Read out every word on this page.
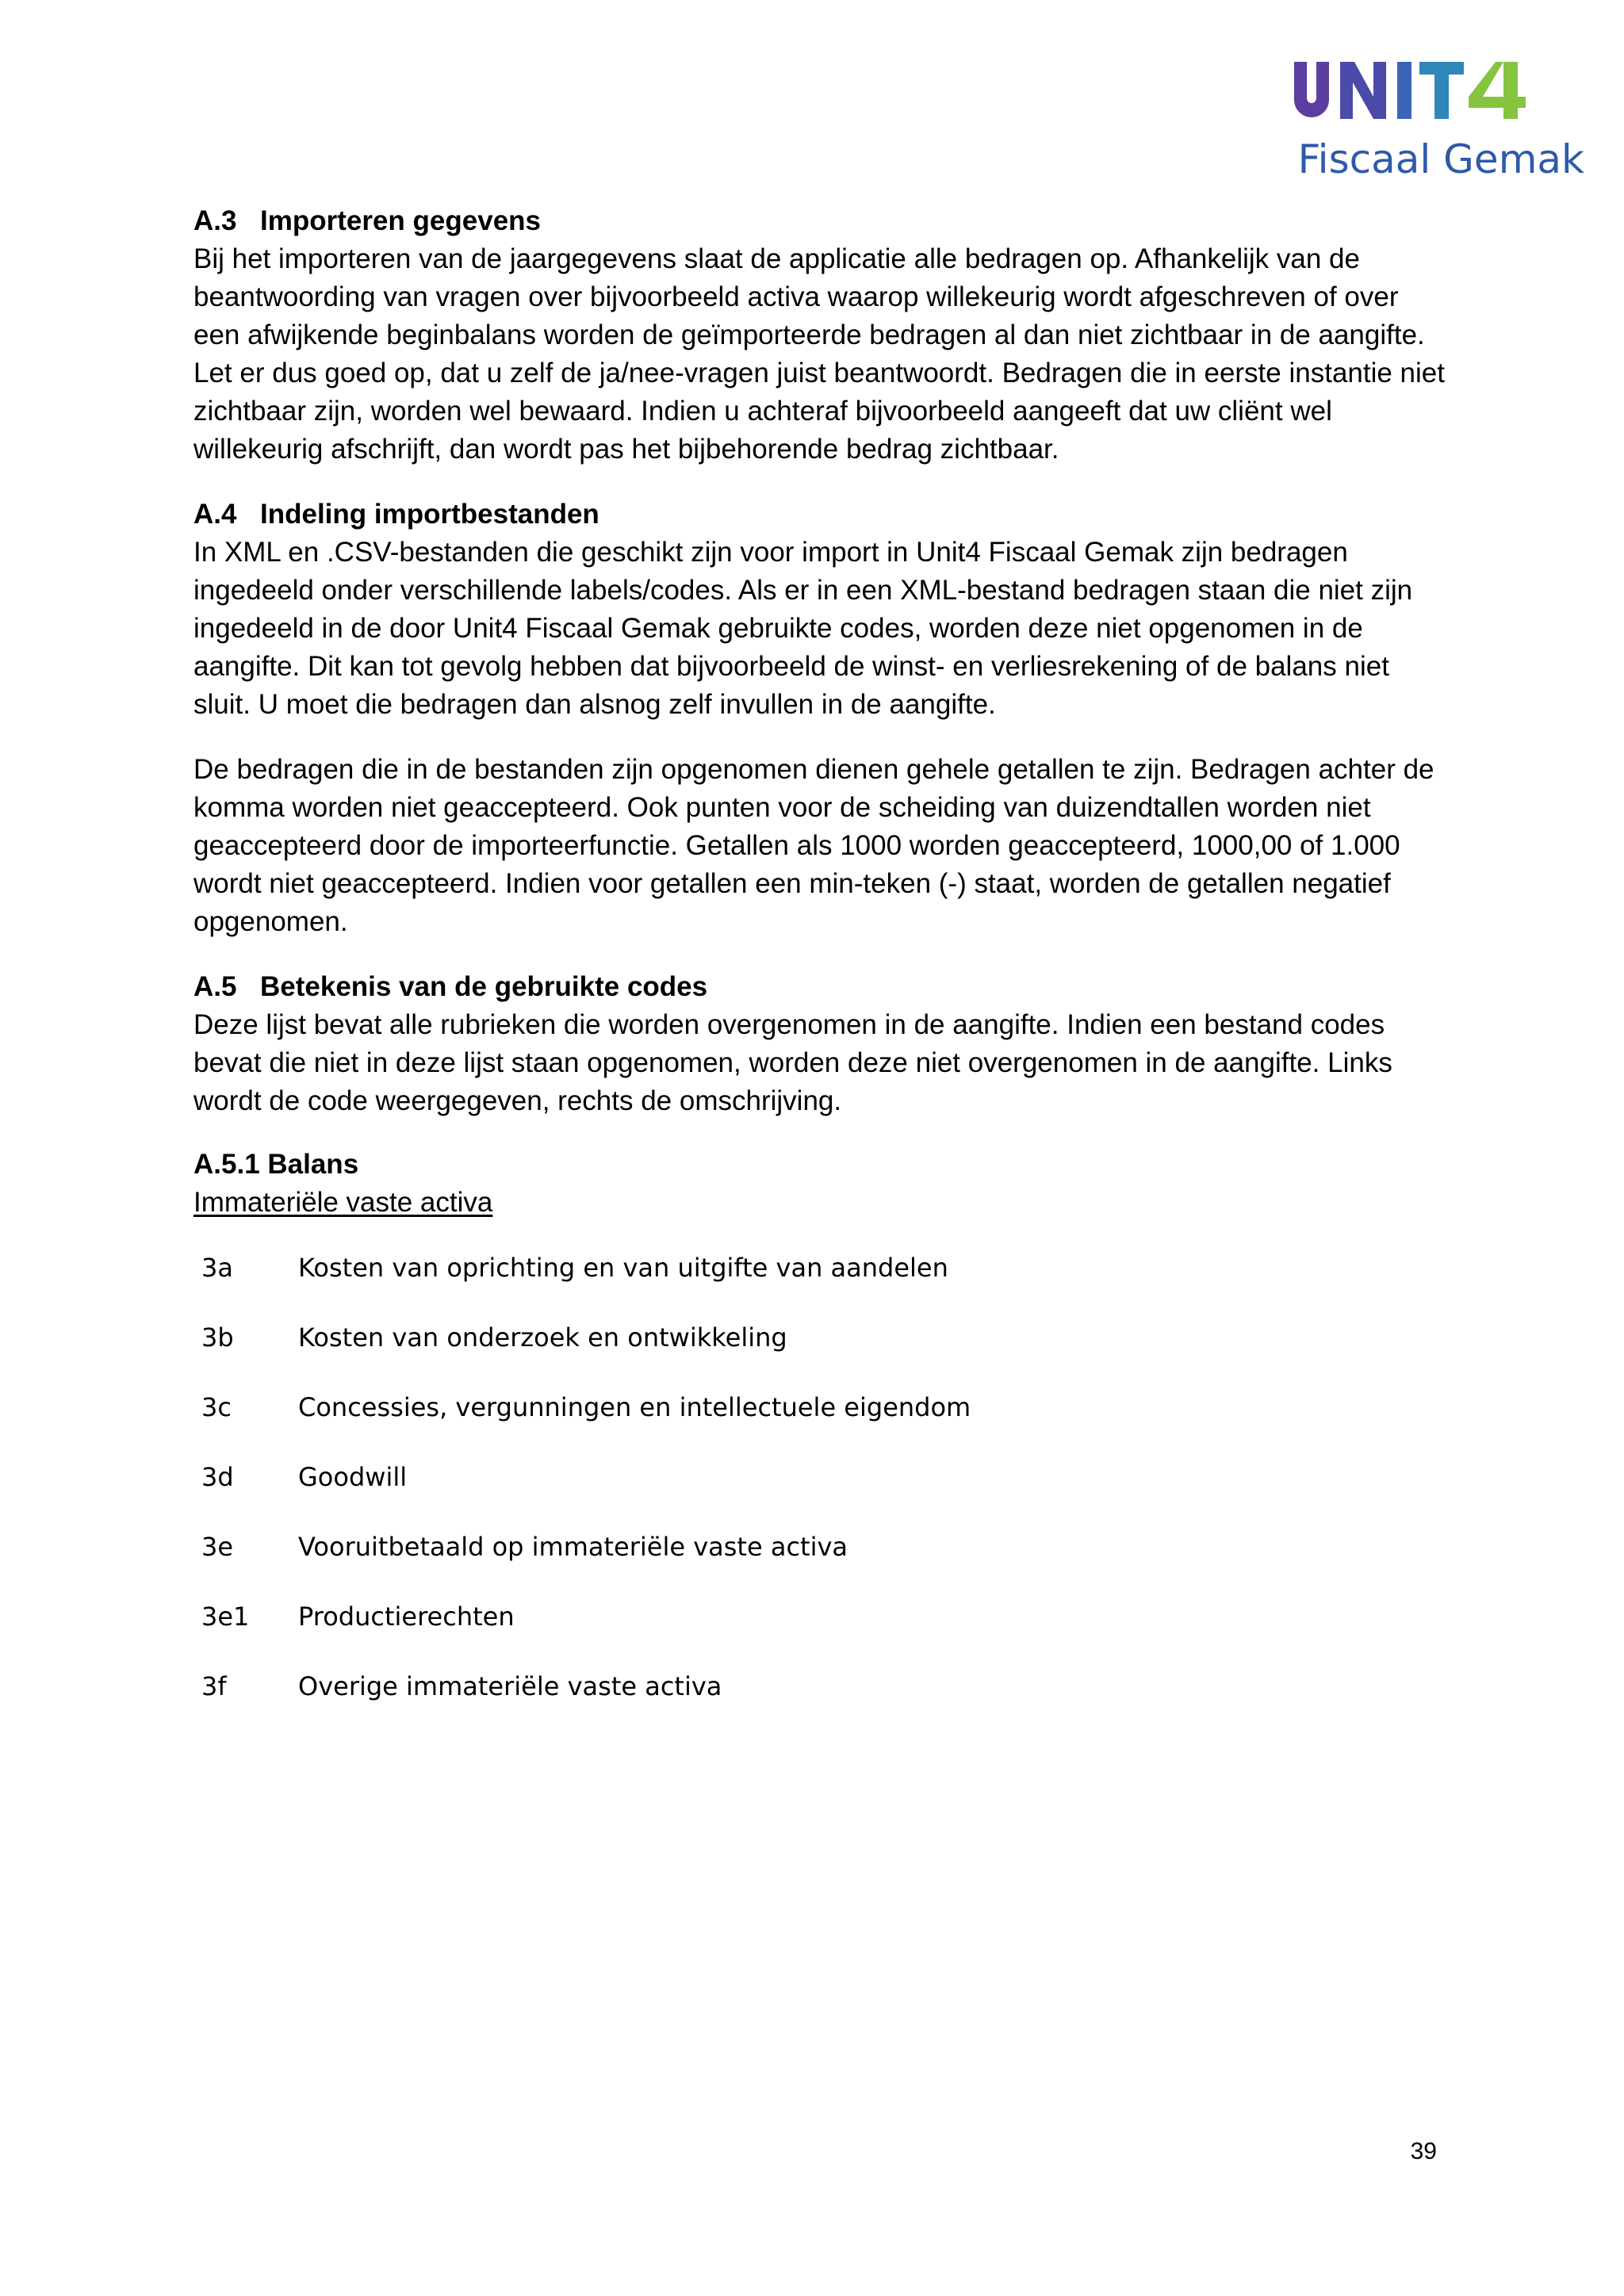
Fiscaal Gemak

A.3 Importeren gegevens

Bij het importeren van de jaargegevens slaat de applicatie alle bedragen op. Afhankelijk van de beantwoording van vragen over bijvoorbeeld activa waarop willekeurig wordt afgeschreven of over een afwijkende beginbalans worden de geïmporteerde bedragen al dan niet zichtbaar in de aangifte. Let er dus goed op, dat u zelf de ja/nee-vragen juist beantwoordt. Bedragen die in eerste instantie niet zichtbaar zijn, worden wel bewaard. Indien u achteraf bijvoorbeeld aangeeft dat uw cliënt wel willekeurig afschrijft, dan wordt pas het bijbehorende bedrag zichtbaar.

A.4 Indeling importbestanden

In XML en .CSV-bestanden die geschikt zijn voor import in Unit4 Fiscaal Gemak zijn bedragen ingedeeld onder verschillende labels/codes. Als er in een XML-bestand bedragen staan die niet zijn ingedeeld in de door Unit4 Fiscaal Gemak gebruikte codes, worden deze niet opgenomen in de aangifte. Dit kan tot gevolg hebben dat bijvoorbeeld de winst- en verliesrekening of de balans niet sluit. U moet die bedragen dan alsnog zelf invullen in de aangifte.

De bedragen die in de bestanden zijn opgenomen dienen gehele getallen te zijn. Bedragen achter de komma worden niet geaccepteerd. Ook punten voor de scheiding van duizendtallen worden niet geaccepteerd door de importeerfunctie. Getallen als 1000 worden geaccepteerd, 1000,00 of 1.000 wordt niet geaccepteerd. Indien voor getallen een min-teken (-) staat, worden de getallen negatief opgenomen.

A.5 Betekenis van de gebruikte codes

Deze lijst bevat alle rubrieken die worden overgenomen in de aangifte. Indien een bestand codes bevat die niet in deze lijst staan opgenomen, worden deze niet overgenomen in de aangifte. Links wordt de code weergegeven, rechts de omschrijving.

A.5.1 Balans

Immateriële vaste activa

3a	Kosten van oprichting en van uitgifte van aandelen
3b	Kosten van onderzoek en ontwikkeling
3c	Concessies, vergunningen en intellectuele eigendom
3d	Goodwill
3e	Vooruitbetaald op immateriële vaste activa
3e1	Productierechten
3f	Overige immateriële vaste activa
39
